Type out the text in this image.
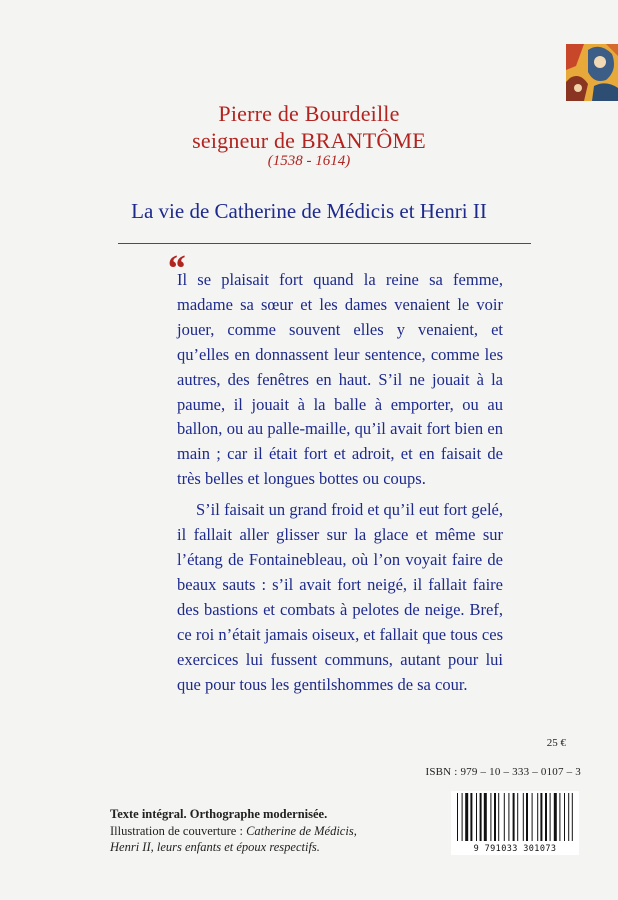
Pierre de Bourdeille
seigneur de BRANTÔME
(1538 - 1614)
La vie de Catherine de Médicis et Henri II
“

Il se plaisait fort quand la reine sa femme, madame sa sœur et les dames venaient le voir jouer, comme souvent elles y venaient, et qu’elles en donnassent leur sentence, comme les autres, des fenêtres en haut. S’il ne jouait à la paume, il jouait à la balle à emporter, ou au ballon, ou au palle-maille, qu’il avait fort bien en main ; car il était fort et adroit, et en faisait de très belles et longues bottes ou coups.

S’il faisait un grand froid et qu’il eut fort gelé, il fallait aller glisser sur la glace et même sur l’étang de Fontainebleau, où l’on voyait faire de beaux sauts : s’il avait fort neigé, il fallait faire des bastions et combats à pelotes de neige. Bref, ce roi n’était jamais oiseux, et fallait que tous ces exercices lui fussent communs, autant pour lui que pour tous les gentilshommes de sa cour.

25 €
ISBN : 979 – 10 – 333 – 0107 – 3
9 791033 301073
Texte intégral. Orthographe modernisée.
Illustration de couverture : Catherine de Médicis,
Henri II, leurs enfants et époux respectifs.
